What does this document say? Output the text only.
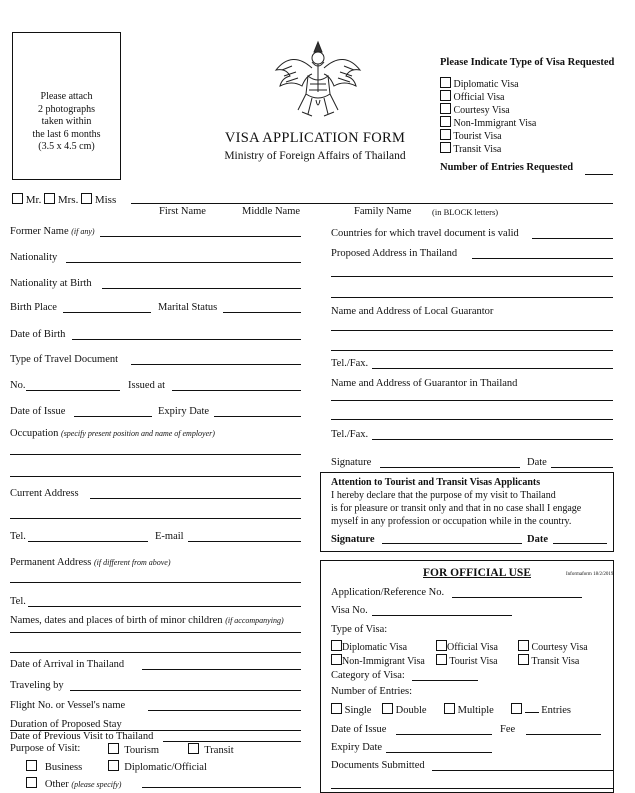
Please attach
2 photographs
taken within
the last 6 months
(3.5 x 4.5 cm)
VISA APPLICATION FORM
Ministry of Foreign Affairs of Thailand
Please Indicate Type of Visa Requested
Diplomatic Visa
Official Visa
Courtesy Visa
Non-Immigrant Visa
Tourist Visa
Transit Visa
Number of Entries Requested
Mr. Mrs. Miss
First Name	Middle Name	Family Name (in BLOCK letters)
Former Name (if any)
Nationality
Nationality at Birth
Birth Place	Marital Status
Date of Birth
Type of Travel Document
No.	Issued at
Date of Issue	Expiry Date
Occupation (specify present position and name of employer)
Current Address
Tel.	E-mail
Permanent Address (if different from above)
Tel.
Names, dates and places of birth of minor children (if accompanying)
Date of Arrival in Thailand
Traveling by
Flight No. or Vessel's name
Duration of Proposed Stay
Date of Previous Visit to Thailand
Purpose of Visit:	Tourism	Transit
Business	Diplomatic/Official
Other (please specify)
Countries for which travel document is valid
Proposed Address in Thailand
Name and Address of Local Guarantor
Tel./Fax.
Name and Address of Guarantor in Thailand
Tel./Fax.
Signature	Date
Attention to Tourist and Transit Visas Applicants
I hereby declare that the purpose of my visit to Thailand
is for pleasure or transit only and that in no case shall I engage
myself in any profession or occupation while in the country.
Signature	Date
FOR OFFICIAL USE	Informaform 18/2/2019
Application/Reference No.
Visa No.
Type of Visa:
Diplomatic Visa	Official Visa	Courtesy Visa
Non-Immigrant Visa	Tourist Visa	Transit Visa
Category of Visa:
Number of Entries:
Single	Double	Multiple	Entries
Date of Issue	Fee
Expiry Date
Documents Submitted
